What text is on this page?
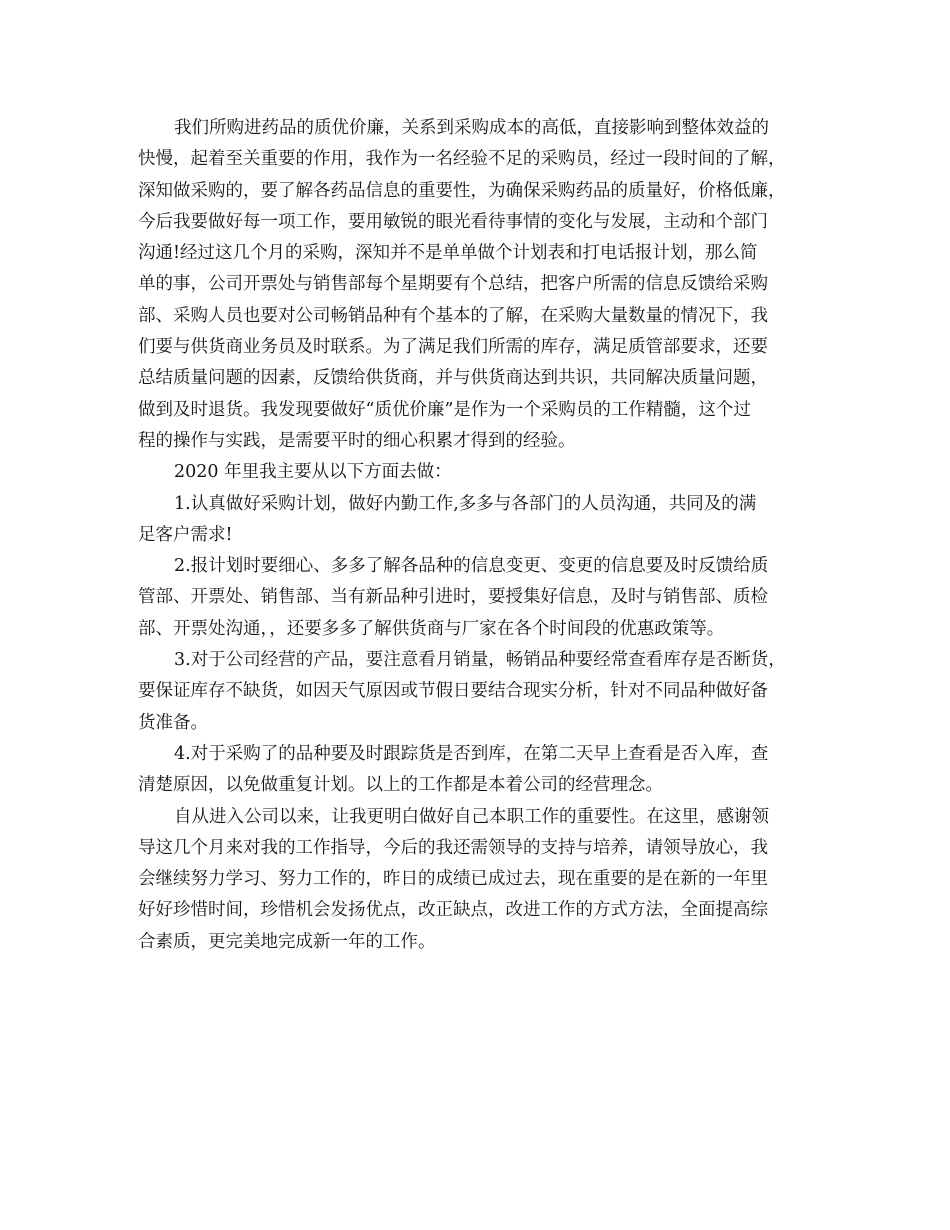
我们所购进药品的质优价廉，关系到采购成本的高低，直接影响到整体效益的
快慢，起着至关重要的作用，我作为一名经验不足的采购员，经过一段时间的了解，
深知做采购的，要了解各药品信息的重要性，为确保采购药品的质量好，价格低廉，
今后我要做好每一项工作，要用敏锐的眼光看待事情的变化与发展，主动和个部门
沟通!经过这几个月的采购，深知并不是单单做个计划表和打电话报计划，那么简
单的事，公司开票处与销售部每个星期要有个总结，把客户所需的信息反馈给采购
部、采购人员也要对公司畅销品种有个基本的了解，在采购大量数量的情况下，我
们要与供货商业务员及时联系。为了满足我们所需的库存，满足质管部要求，还要
总结质量问题的因素，反馈给供货商，并与供货商达到共识，共同解决质量问题，
做到及时退货。我发现要做好“质优价廉”是作为一个采购员的工作精髓，这个过
程的操作与实践，是需要平时的细心积累才得到的经验。
2020 年里我主要从以下方面去做：
1.认真做好采购计划，做好内勤工作,多多与各部门的人员沟通，共同及的满
足客户需求!
2.报计划时要细心、多多了解各品种的信息变更、变更的信息要及时反馈给质
管部、开票处、销售部、当有新品种引进时，要授集好信息，及时与销售部、质检
部、开票处沟通，，还要多多了解供货商与厂家在各个时间段的优惠政策等。
3.对于公司经营的产品，要注意看月销量，畅销品种要经常查看库存是否断货，
要保证库存不缺货，如因天气原因或节假日要结合现实分析，针对不同品种做好备
货准备。
4.对于采购了的品种要及时跟踪货是否到库，在第二天早上查看是否入库，查
清楚原因，以免做重复计划。以上的工作都是本着公司的经营理念。
自从进入公司以来，让我更明白做好自己本职工作的重要性。在这里，感谢领
导这几个月来对我的工作指导，今后的我还需领导的支持与培养，请领导放心，我
会继续努力学习、努力工作的，昨日的成绩已成过去，现在重要的是在新的一年里
好好珍惜时间，珍惜机会发扬优点，改正缺点，改进工作的方式方法，全面提高综
合素质，更完美地完成新一年的工作。
